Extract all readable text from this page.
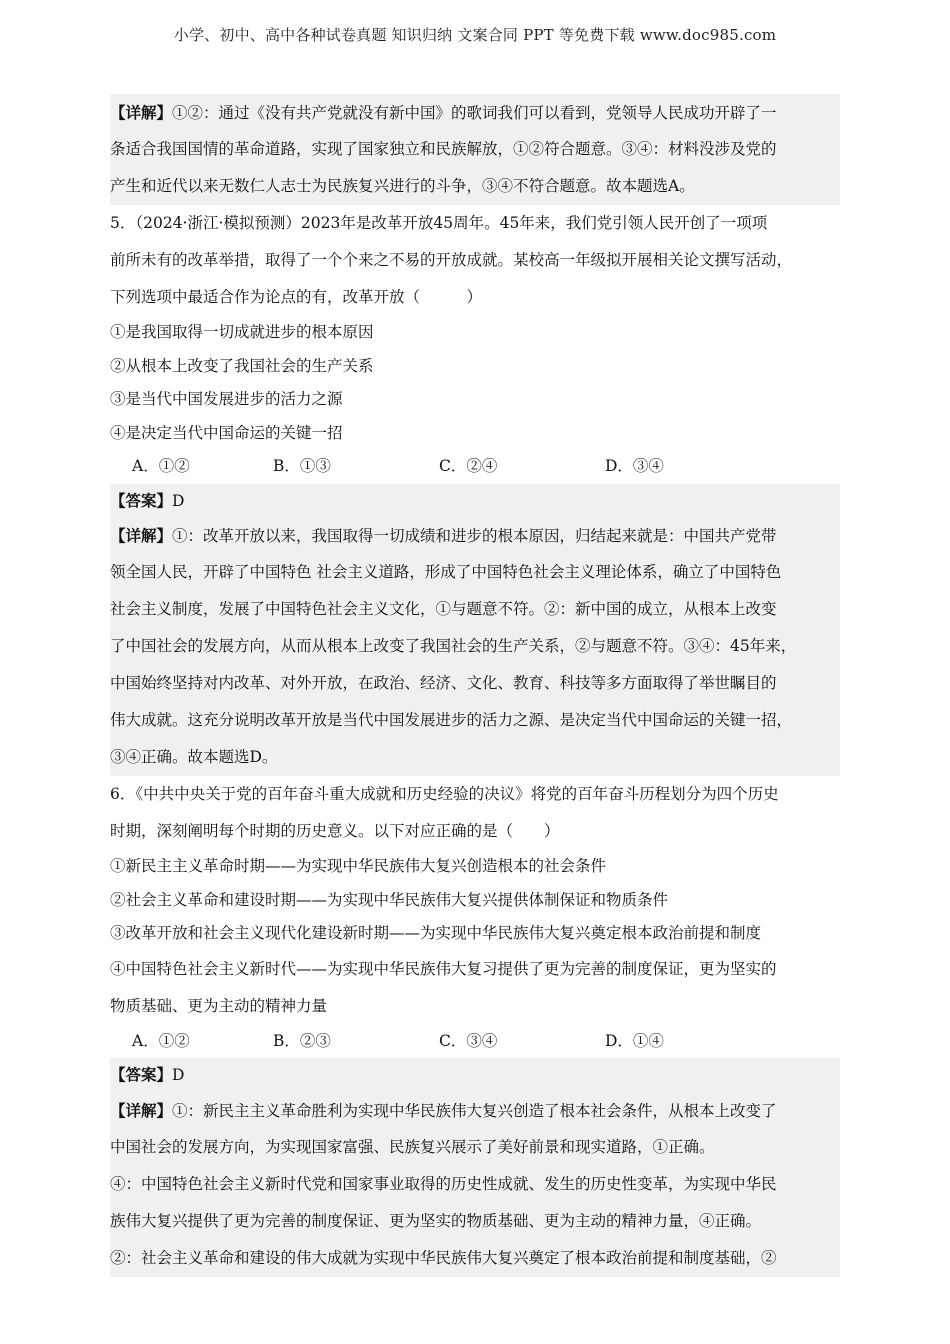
小学、初中、高中各种试卷真题 知识归纳 文案合同 PPT 等免费下载 www.doc985.com
【详解】①②：通过《没有共产党就没有新中国》的歌词我们可以看到，党领导人民成功开辟了一
条适合我国国情的革命道路，实现了国家独立和民族解放，①②符合题意。③④：材料没涉及党的
产生和近代以来无数仁人志士为民族复兴进行的斗争，③④不符合题意。故本题选A。
5．（2024·浙江·模拟预测）2023年是改革开放45周年。45年来，我们党引领人民开创了一项项
前所未有的改革举措，取得了一个个来之不易的开放成就。某校高一年级拟开展相关论文撰写活动，
下列选项中最适合作为论点的有，改革开放（　　　）
①是我国取得一切成就进步的根本原因
②从根本上改变了我国社会的生产关系
③是当代中国发展进步的活力之源
④是决定当代中国命运的关键一招
A．①②	B．①③	C．②④	D．③④
【答案】D
【详解】①：改革开放以来，我国取得一切成绩和进步的根本原因，归结起来就是：中国共产党带
领全国人民，开辟了中国特色 社会主义道路，形成了中国特色社会主义理论体系，确立了中国特色
社会主义制度，发展了中国特色社会主义文化，①与题意不符。②：新中国的成立，从根本上改变
了中国社会的发展方向，从而从根本上改变了我国社会的生产关系，②与题意不符。③④：45年来，
中国始终坚持对内改革、对外开放，在政治、经济、文化、教育、科技等多方面取得了举世瞩目的
伟大成就。这充分说明改革开放是当代中国发展进步的活力之源、是决定当代中国命运的关键一招，
③④正确。故本题选D。
6．《中共中央关于党的百年奋斗重大成就和历史经验的决议》将党的百年奋斗历程划分为四个历史
时期，深刻阐明每个时期的历史意义。以下对应正确的是（　　）
①新民主主义革命时期——为实现中华民族伟大复兴创造根本的社会条件
②社会主义革命和建设时期——为实现中华民族伟大复兴提供体制保证和物质条件
③改革开放和社会主义现代化建设新时期——为实现中华民族伟大复兴奠定根本政治前提和制度
④中国特色社会主义新时代——为实现中华民族伟大复习提供了更为完善的制度保证，更为坚实的
物质基础、更为主动的精神力量
A．①②	B．②③	C．③④	D．①④
【答案】D
【详解】①：新民主主义革命胜利为实现中华民族伟大复兴创造了根本社会条件，从根本上改变了
中国社会的发展方向，为实现国家富强、民族复兴展示了美好前景和现实道路，①正确。
④：中国特色社会主义新时代党和国家事业取得的历史性成就、发生的历史性变革，为实现中华民
族伟大复兴提供了更为完善的制度保证、更为坚实的物质基础、更为主动的精神力量，④正确。
②：社会主义革命和建设的伟大成就为实现中华民族伟大复兴奠定了根本政治前提和制度基础，②
